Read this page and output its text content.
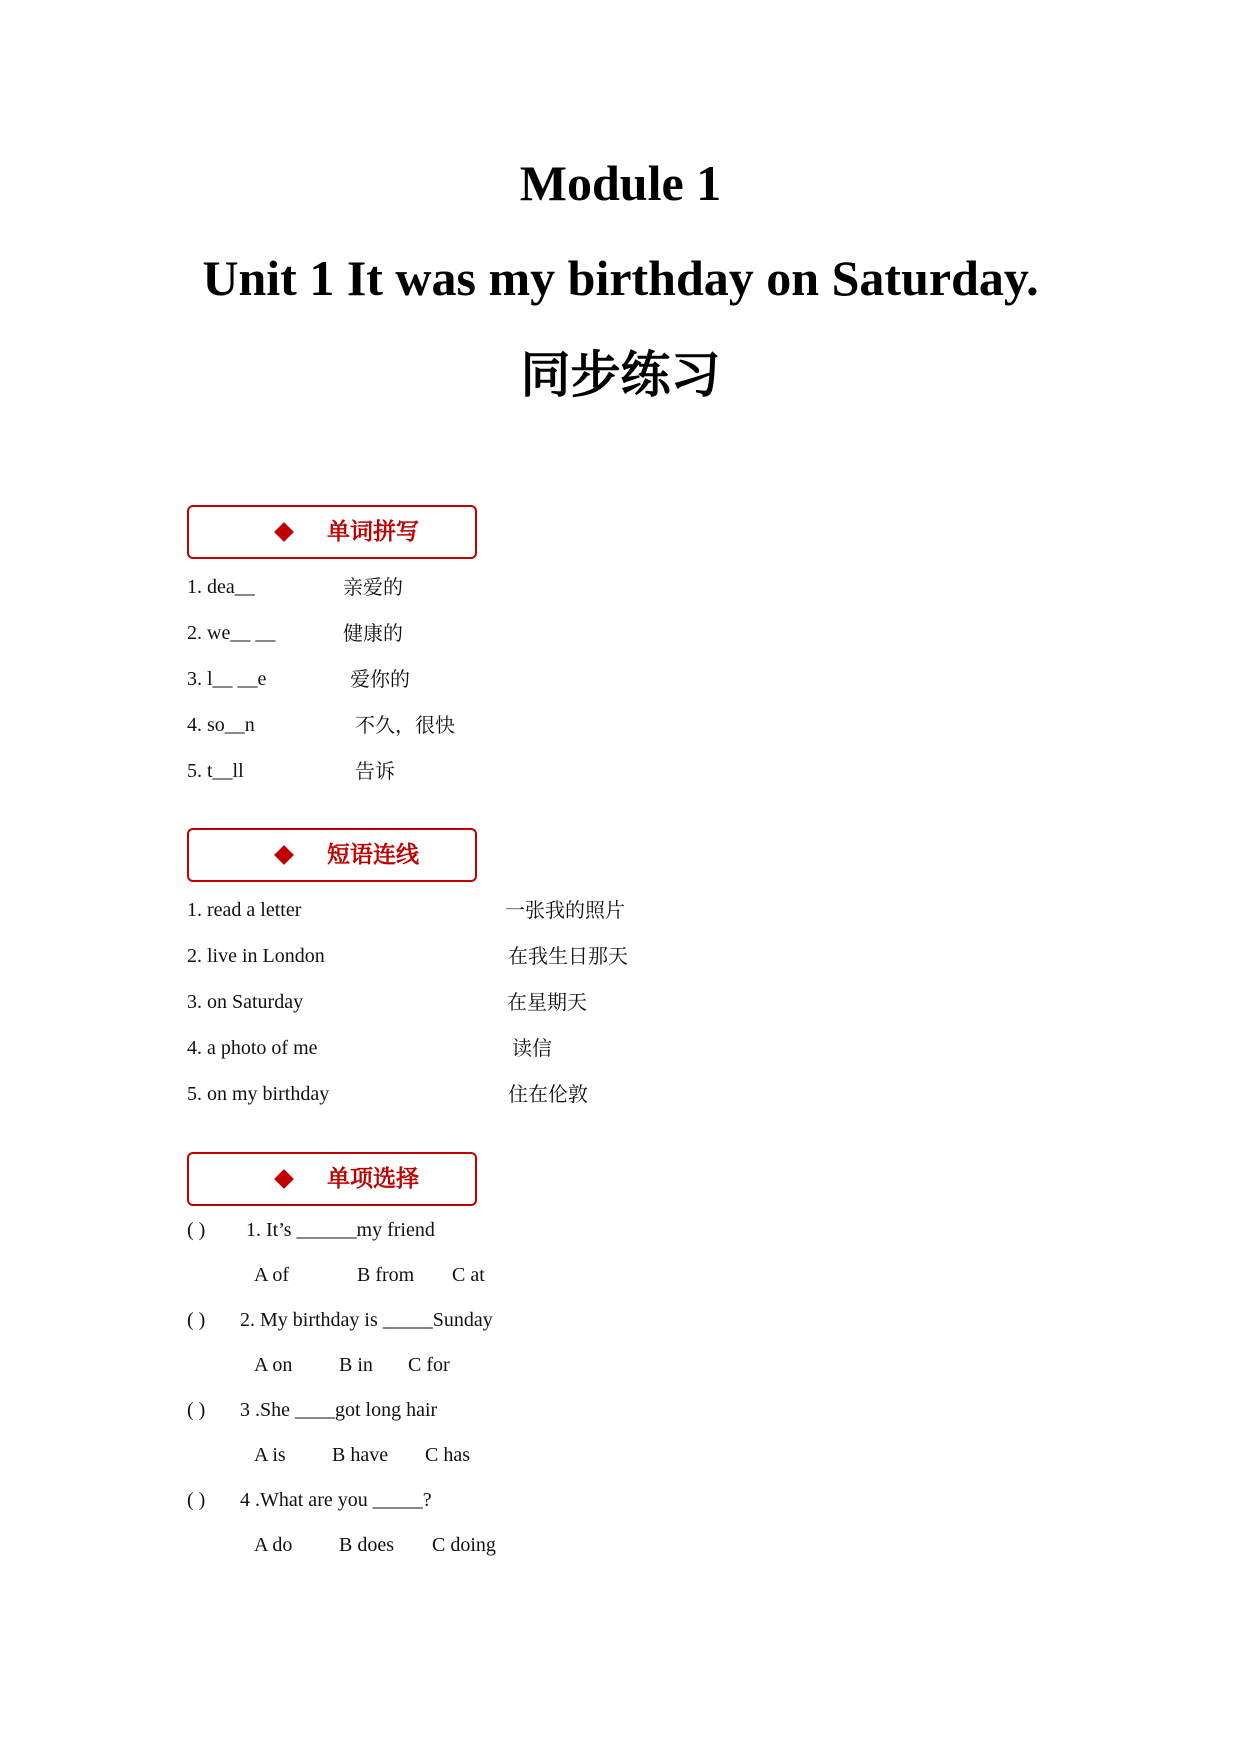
Module 1
Unit 1 It was my birthday on Saturday.
同步练习
单词拼写
1. dea__	亲爱的
2. we__ __	健康的
3. l__ __e	爱你的
4. so__n	不久，很快
5. t__ll	告诉
短语连线
1. read a letter	一张我的照片
2. live in London	在我生日那天
3. on Saturday	在星期天
4. a photo of me	读信
5. on my birthday	住在伦敦
单项选择
( ) 1. It’s ______my friend
A of	B from C at
( ) 2. My birthday is _____Sunday
A on B in C for
( ) 3 .She ____got long hair
A is B have C has
( ) 4 .What are you _____?
A do B does C doing
